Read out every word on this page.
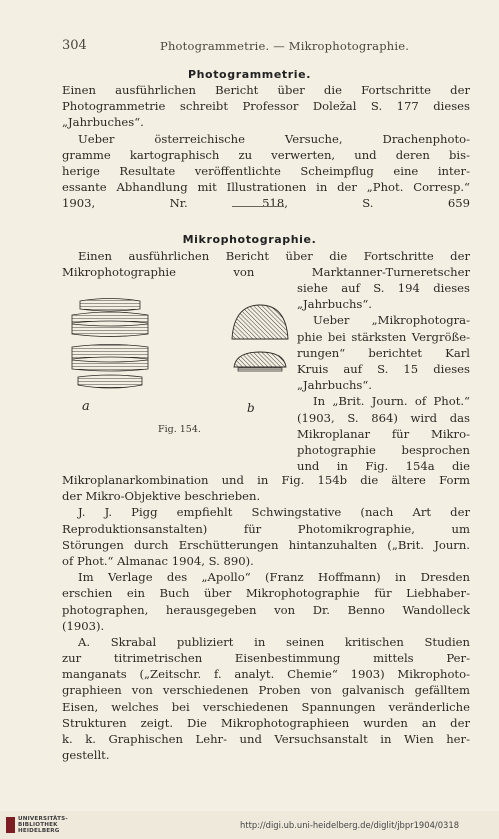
304	Photogrammetrie. — Mikrophotographie.
Photogrammetrie.
Einen ausführlichen Bericht über die Fortschritte der
Photogrammetrie schreibt Professor Doležal S. 177 dieses
„Jahrbuches“.
Ueber österreichische Versuche, Drachenphoto-
gramme kartographisch zu verwerten, und deren bis-
herige Resultate veröffentlichte Scheimpflug eine inter-
essante Abhandlung mit Illustrationen in der „Phot. Corresp.“
1903, Nr. 518, S. 659
Mikrophotographie.
Einen ausführlichen Bericht über die Fortschritte der
Mikrophotographie von Marktanner-Turneretscher
siehe auf S. 194 dieses
„Jahrbuchs“.
Ueber „Mikrophotogra-
phie bei stärksten Vergröße-
rungen“ berichtet Karl
Kruis auf S. 15 dieses
„Jahrbuchs“.
In „Brit. Journ. of Phot.“
(1903, S. 864) wird das
Mikroplanar für Mikro-
photographie besprochen
und in Fig. 154a die
a	b
Fig. 154.
Mikroplanarkombination und in Fig. 154b die ältere Form
der Mikro-Objektive beschrieben.
J. J. Pigg empfiehlt Schwingstative (nach Art der
Reproduktionsanstalten) für Photomikrographie, um
Störungen durch Erschütterungen hintanzuhalten („Brit. Journ.
of Phot.“ Almanac 1904, S. 890).
Im Verlage des „Apollo“ (Franz Hoffmann) in Dresden
erschien ein Buch über Mikrophotographie für Liebhaber-
photographen, herausgegeben von Dr. Benno Wandolleck
(1903).
A. Skrabal publiziert in seinen kritischen Studien
zur titrimetrischen Eisenbestimmung mittels Per-
manganats („Zeitschr. f. analyt. Chemie“ 1903) Mikrophoto-
graphieen von verschiedenen Proben von galvanisch gefälltem
Eisen, welches bei verschiedenen Spannungen veränderliche
Strukturen zeigt. Die Mikrophotographieen wurden an der
k. k. Graphischen Lehr- und Versuchsanstalt in Wien her-
gestellt.
UNIVERSITÄTS-
BIBLIOTHEK
HEIDELBERG
http://digi.ub.uni-heidelberg.de/diglit/jbpr1904/0318
